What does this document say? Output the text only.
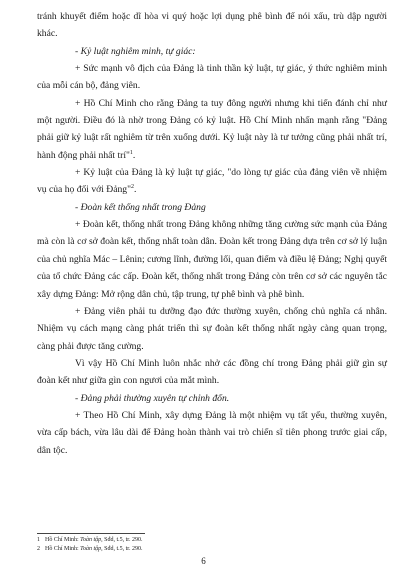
tránh khuyết điểm hoặc dĩ hòa vi quý hoặc lợi dụng phê bình để nói xấu, trù dập người khác.

- Kỷ luật nghiêm minh, tự giác:

+ Sức mạnh vô địch của Đảng là tinh thần kỷ luật, tự giác, ý thức nghiêm minh của mỗi cán bộ, đảng viên.

+ Hồ Chí Minh cho rằng Đảng ta tuy đông người nhưng khi tiến đánh chỉ như một người. Điều đó là nhờ trong Đảng có kỷ luật. Hồ Chí Minh nhấn mạnh rằng "Đảng phải giữ kỷ luật rất nghiêm từ trên xuống dưới. Kỷ luật này là tư tưởng cũng phải nhất trí, hành động phải nhất trí"$^1$.

+ Kỷ luật của Đảng là kỷ luật tự giác, "do lòng tự giác của đảng viên về nhiệm vụ của họ đối với Đảng"$^2$.

- Đoàn kết thống nhất trong Đảng

+ Đoàn kết, thống nhất trong Đảng không những tăng cường sức mạnh của Đảng mà còn là cơ sở đoàn kết, thống nhất toàn dân. Đoàn kết trong Đảng dựa trên cơ sở lý luận của chủ nghĩa Mác – Lênin; cương lĩnh, đường lối, quan điểm và điều lệ Đảng; Nghị quyết của tổ chức Đảng các cấp. Đoàn kết, thống nhất trong Đảng còn trên cơ sở các nguyên tắc xây dựng Đảng: Mở rộng dân chủ, tập trung, tự phê bình và phê bình.

+ Đảng viên phải tu dưỡng đạo đức thường xuyên, chống chủ nghĩa cá nhân. Nhiệm vụ cách mạng càng phát triển thì sự đoàn kết thống nhất ngày càng quan trọng, càng phải được tăng cường.

Vì vậy Hồ Chí Minh luôn nhắc nhở các đồng chí trong Đảng phải giữ gìn sự đoàn kết như giữa gìn con ngươi của mắt mình.

- Đảng phải thường xuyên tự chỉnh đốn.

+ Theo Hồ Chí Minh, xây dựng Đảng là một nhiệm vụ tất yếu, thường xuyên, vừa cấp bách, vừa lâu dài để Đảng hoàn thành vai trò chiến sĩ tiên phong trước giai cấp, dân tộc.

1 Hồ Chí Minh: Toàn tập, Sđd, t.5, tr. 290.

2 Hồ Chí Minh: Toàn tập, Sđd, t.5, tr. 290.

6
